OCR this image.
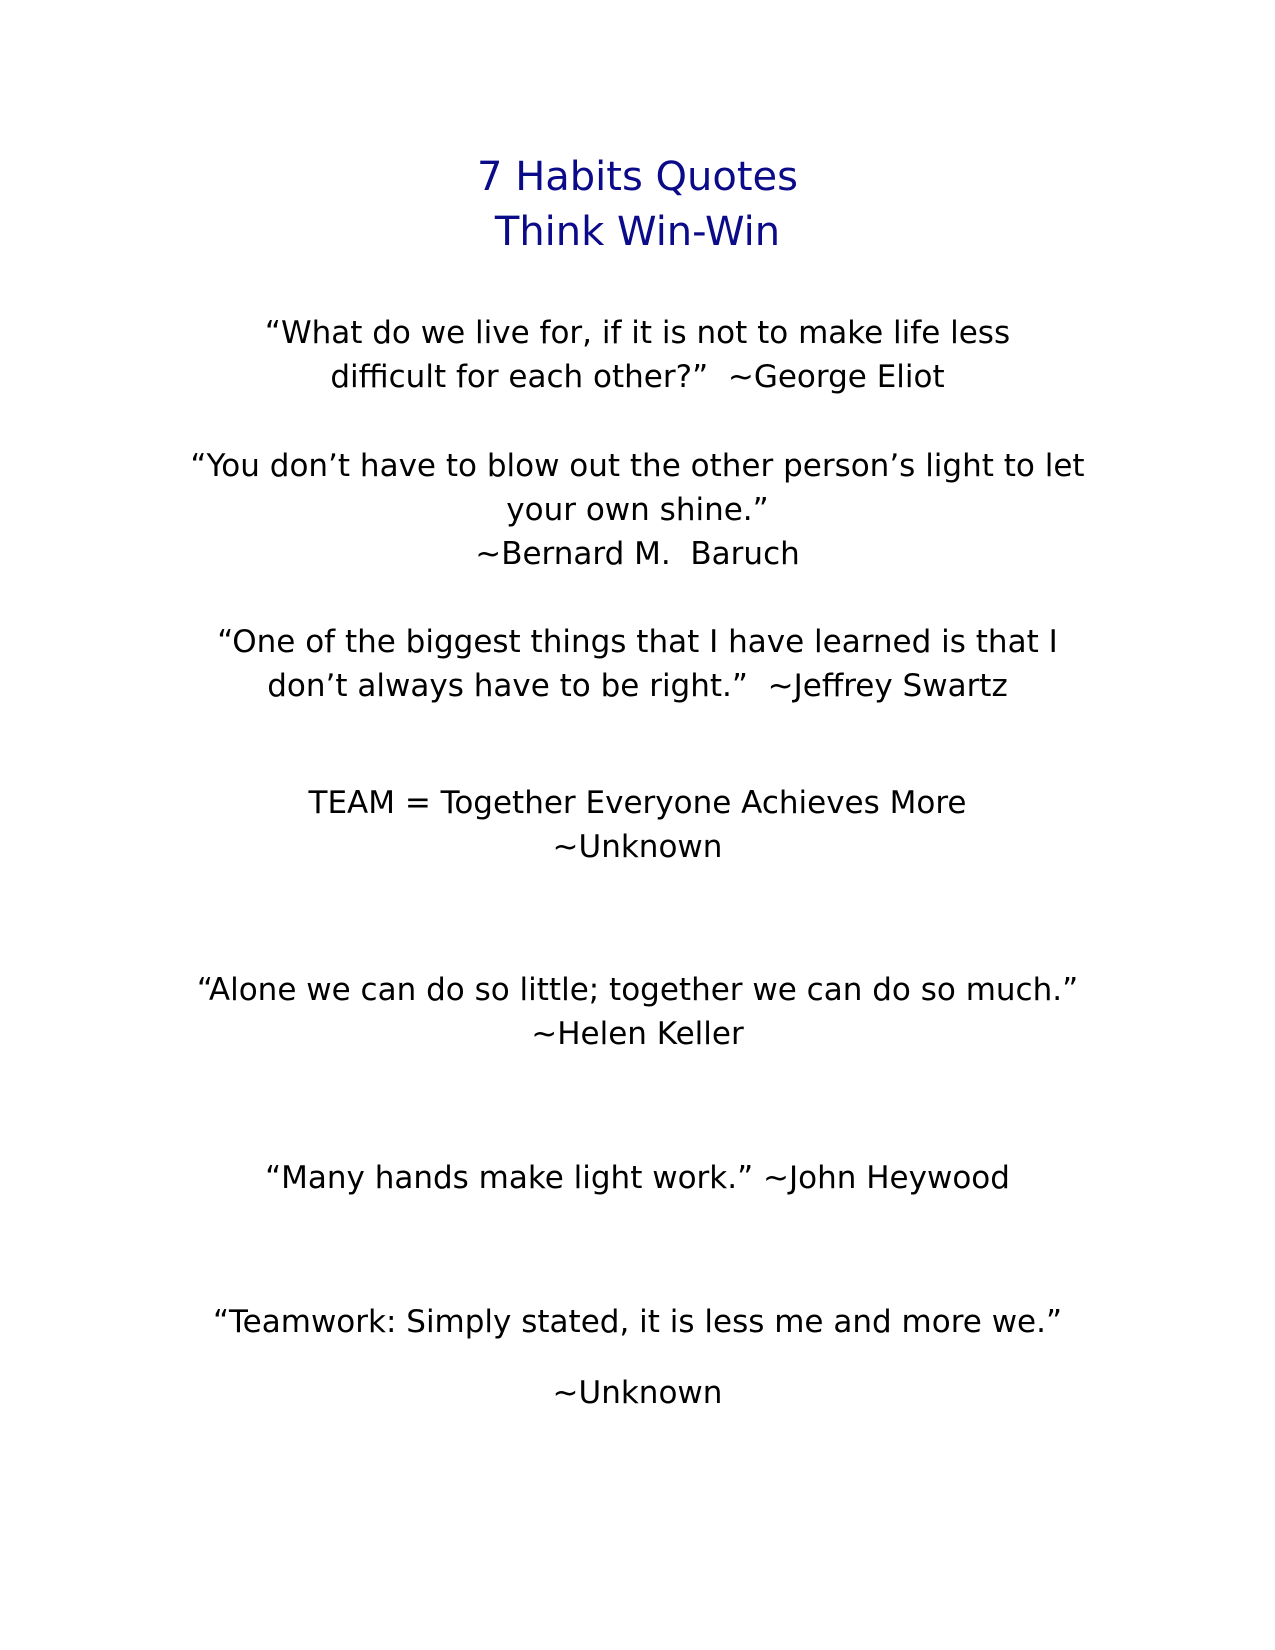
7 Habits Quotes
Think Win-Win
“What do we live for, if it is not to make life less
difficult for each other?”  ~George Eliot
“You don’t have to blow out the other person’s light to let
your own shine.”
~Bernard M.  Baruch
“One of the biggest things that I have learned is that I
don’t always have to be right.”  ~Jeffrey Swartz
TEAM = Together Everyone Achieves More
~Unknown
“Alone we can do so little; together we can do so much.”
~Helen Keller
“Many hands make light work.” ~John Heywood
“Teamwork: Simply stated, it is less me and more we.”
~Unknown
